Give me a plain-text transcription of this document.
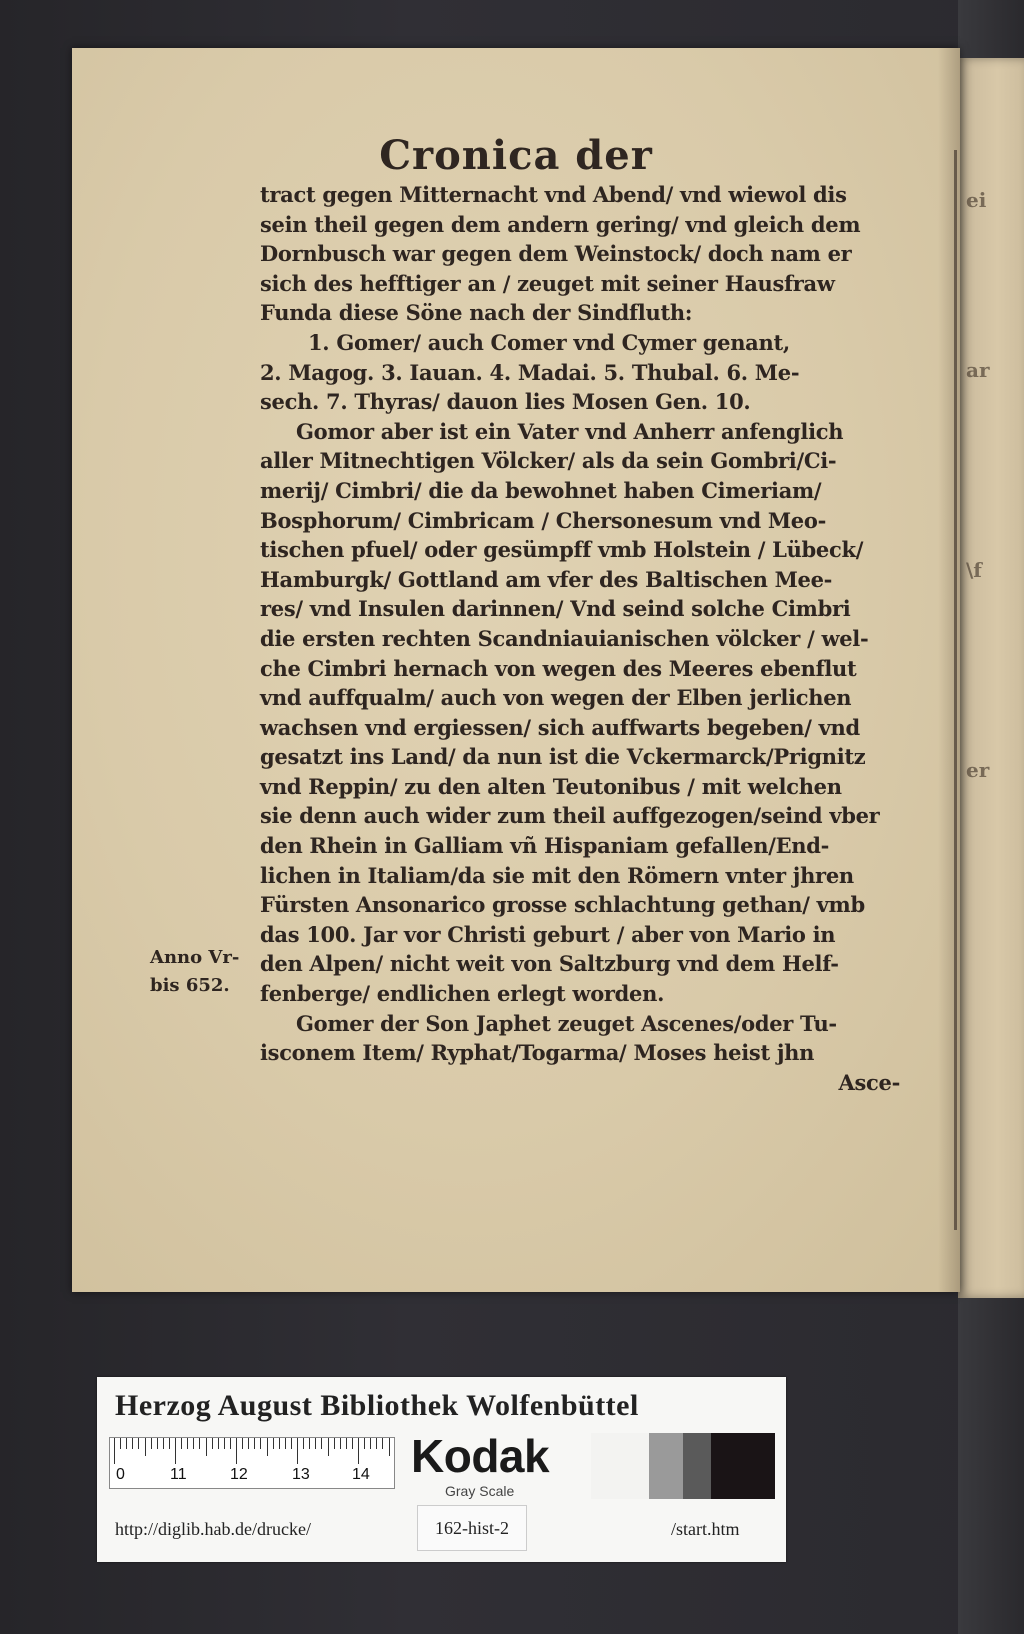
ei
ar
\f
er
Cronica der
tract gegen Mitternacht vnd Abend/ vnd wiewol dis
sein theil gegen dem andern gering/ vnd gleich dem
Dornbusch war gegen dem Weinstock/ doch nam er
sich des hefftiger an / zeuget mit seiner Hausfraw
Funda diese Söne nach der Sindfluth:
1. Gomer/ auch Comer vnd Cymer genant,
2. Magog. 3. Iauan. 4. Madai. 5. Thubal. 6. Me-
sech. 7. Thyras/ dauon lies Mosen Gen. 10.
Gomor aber ist ein Vater vnd Anherr anfenglich
aller Mitnechtigen Völcker/ als da sein Gombri/Ci-
merij/ Cimbri/ die da bewohnet haben Cimeriam/
Bosphorum/ Cimbricam / Chersonesum vnd Meo-
tischen pfuel/ oder gesümpff vmb Holstein / Lübeck/
Hamburgk/ Gottland am vfer des Baltischen Mee-
res/ vnd Insulen darinnen/ Vnd seind solche Cimbri
die ersten rechten Scandniauianischen völcker / wel-
che Cimbri hernach von wegen des Meeres ebenflut
vnd auffqualm/ auch von wegen der Elben jerlichen
wachsen vnd ergiessen/ sich auffwarts begeben/ vnd
gesatzt ins Land/ da nun ist die Vckermarck/Prignitz
vnd Reppin/ zu den alten Teutonibus / mit welchen
sie denn auch wider zum theil auffgezogen/seind vber
den Rhein in Galliam vñ Hispaniam gefallen/End-
lichen in Italiam/da sie mit den Römern vnter jhren
Fürsten Ansonarico grosse schlachtung gethan/ vmb
das 100. Jar vor Christi geburt / aber von Mario in
den Alpen/ nicht weit von Saltzburg vnd dem Helf-
fenberge/ endlichen erlegt worden.
Gomer der Son Japhet zeuget Ascenes/oder Tu-
isconem Item/ Ryphat/Togarma/ Moses heist jhn
Asce-
Anno Vr-
bis 652.
Herzog August Bibliothek Wolfenbüttel
0	11	12	13	14 Kodak
Gray Scale
http://diglib.hab.de/drucke/	162-hist-2	/start.htm
